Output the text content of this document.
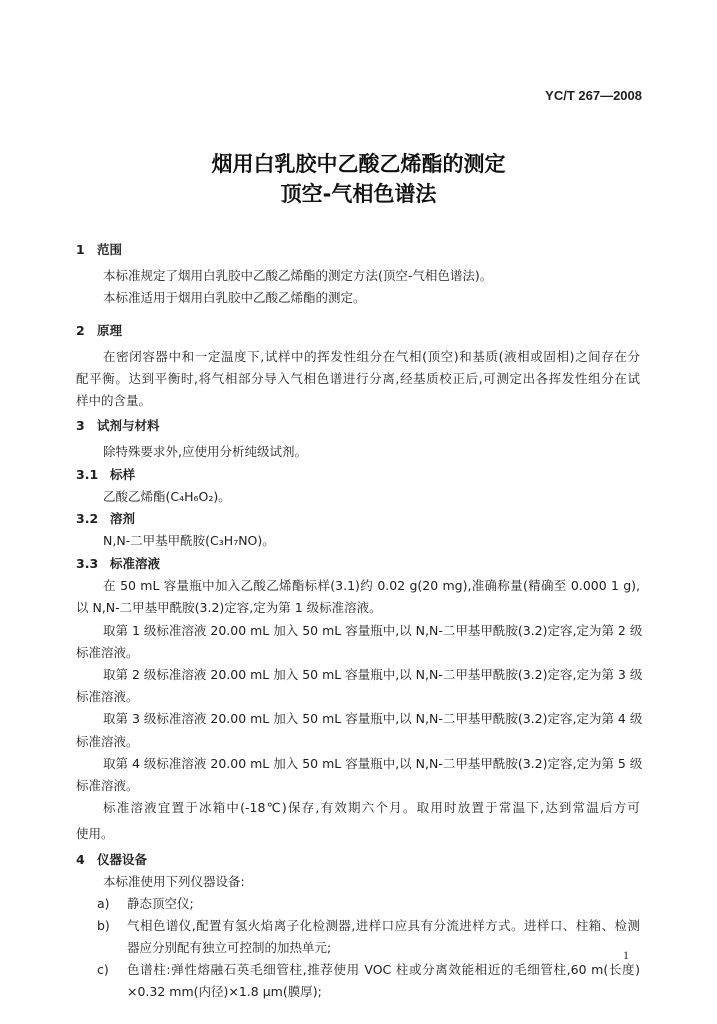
YC/T 267—2008
烟用白乳胶中乙酸乙烯酯的测定
顶空-气相色谱法
1 范围
本标准规定了烟用白乳胶中乙酸乙烯酯的测定方法(顶空-气相色谱法)。
本标准适用于烟用白乳胶中乙酸乙烯酯的测定。
2 原理
在密闭容器中和一定温度下,试样中的挥发性组分在气相(顶空)和基质(液相或固相)之间存在分
配平衡。达到平衡时,将气相部分导入气相色谱进行分离,经基质校正后,可测定出各挥发性组分在试
样中的含量。
3 试剂与材料
除特殊要求外,应使用分析纯级试剂。
3.1 标样
乙酸乙烯酯(C₄H₆O₂)。
3.2 溶剂
N,N-二甲基甲酰胺(C₃H₇NO)。
3.3 标准溶液
在 50 mL 容量瓶中加入乙酸乙烯酯标样(3.1)约 0.02 g(20 mg),准确称量(精确至 0.000 1 g),
以 N,N-二甲基甲酰胺(3.2)定容,定为第 1 级标准溶液。
取第 1 级标准溶液 20.00 mL 加入 50 mL 容量瓶中,以 N,N-二甲基甲酰胺(3.2)定容,定为第 2 级
标准溶液。
取第 2 级标准溶液 20.00 mL 加入 50 mL 容量瓶中,以 N,N-二甲基甲酰胺(3.2)定容,定为第 3 级
标准溶液。
取第 3 级标准溶液 20.00 mL 加入 50 mL 容量瓶中,以 N,N-二甲基甲酰胺(3.2)定容,定为第 4 级
标准溶液。
取第 4 级标准溶液 20.00 mL 加入 50 mL 容量瓶中,以 N,N-二甲基甲酰胺(3.2)定容,定为第 5 级
标准溶液。
标准溶液宜置于冰箱中(-18℃)保存,有效期六个月。取用时放置于常温下,达到常温后方可
使用。
4 仪器设备
本标准使用下列仪器设备:
a) 静态顶空仪;
b) 气相色谱仪,配置有氢火焰离子化检测器,进样口应具有分流进样方式。进样口、柱箱、检测
器应分别配有独立可控制的加热单元;
c) 色谱柱:弹性熔融石英毛细管柱,推荐使用 VOC 柱或分离效能相近的毛细管柱,60 m(长度)
×0.32 mm(内径)×1.8 μm(膜厚);
1
